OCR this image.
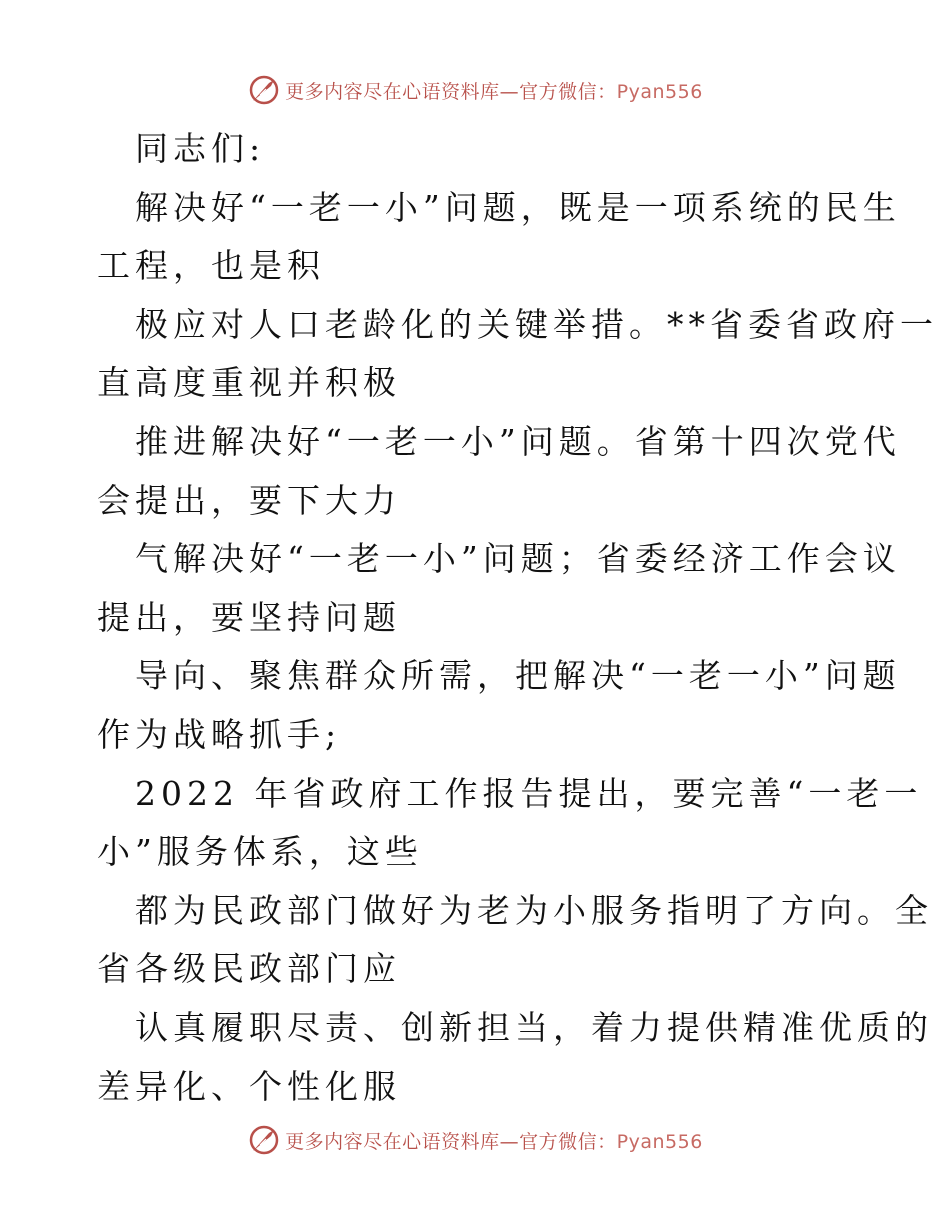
更多内容尽在心语资料库—官方微信：Pyan556
同志们:
解决好“一老一小”问题，既是一项系统的民生
工程，也是积
极应对人口老龄化的关键举措。**省委省政府一
直高度重视并积极
推进解决好“一老一小”问题。省第十四次党代
会提出，要下大力
气解决好“一老一小”问题；省委经济工作会议
提出，要坚持问题
导向、聚焦群众所需，把解决“一老一小”问题
作为战略抓手;
2022 年省政府工作报告提出，要完善“一老一
小”服务体系，这些
都为民政部门做好为老为小服务指明了方向。全
省各级民政部门应
认真履职尽责、创新担当，着力提供精准优质的
差异化、个性化服
更多内容尽在心语资料库—官方微信：Pyan556
